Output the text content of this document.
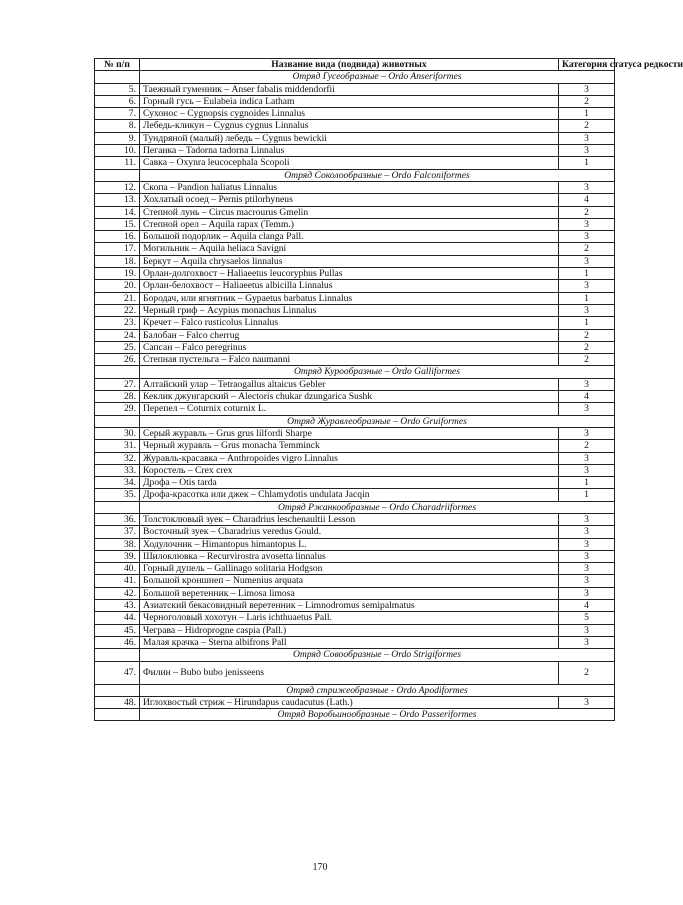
№ п/п	Название вида (подвида) животных	Категория статуса редкости
	Отряд Гусеобразные – Ordo Anseriformes	
5.	Таежный гуменник – Anser fabalis middendorfii	3
6.	Горный гусь – Eulabeia indica Latham	2
7.	Сухонос – Cygnopsis cygnoides Linnalus	1
8.	Лебедь-кликун – Cygnus cygnus Linnalus	2
9.	Тундряной (малый) лебедь – Cygnus bewickii	3
10.	Пеганка – Tadorna tadorna Linnalus	3
11.	Савка – Oxynra leucocephala Scopoli	1
	Отряд Соколообразные – Ordo Falconiformes	
12.	Скопа – Pandion haliatus Linnalus	3
13.	Хохлатый осоед – Pernis ptilorhyneus	4
14.	Степной лунь – Circus macrourus Gmelin	2
15.	Степной орел – Aquila rapax (Temm.)	3
16.	Большой подорлик – Aquila clanga Pall.	3
17.	Могильник – Aquila heliaca Savigni	2
18.	Беркут – Aquila chrysaelos linnalus	3
19.	Орлан-долгохвост – Haliaeetus leucoryphus Pullas	1
20.	Орлан-белохвост – Haliaeetus albicilla Linnalus	3
21.	Бородач, или ягнятник – Gypaetus barbatus Linnalus	1
22.	Черный гриф – Acypius monachus Linnalus	3
23.	Кречет – Falco rusticolus Linnalus	1
24.	Балобан – Falco cherrug	2
25.	Сапсан – Falco peregrinus	2
26.	Степная пустельга – Falco naumanni	2
	Отряд Курообразные – Ordo Galliformes	
27.	Алтайский улар – Tetraogallus altaicus Gebler	3
28.	Кеклик джунгарский – Alectoris chukar dzungarica Sushk	4
29.	Перепел – Coturnix coturnix L.	3
	Отряд Журавлеобразные – Ordo Gruiformes	
30.	Серый журавль – Grus grus lilfordi Sharpe	3
31.	Черный журавль – Grus monacha Temminck	2
32.	Журавль-красавка – Anthropoides vigro Linnalus	3
33.	Коростель – Crex crex	3
34.	Дрофа – Otis tarda	1
35.	Дрофа-красотка или джек – Chlamydotis undulata Jacqin	1
	Отряд Ржанкообразные – Ordo Charadriiformes	
36.	Толстоклювый зуек – Charadrius leschenaultii Lesson	3
37.	Восточный зуек – Charadrius veredus Gould.	3
38.	Ходулочник – Himantopus himantopus L.	3
39.	Шилоклювка – Recurvirostra avosetta linnalus	3
40.	Горный дупель – Gallinago solitaria Hodgson	3
41.	Большой кроншнеп – Numenius arquata	3
42.	Большой веретенник – Limosa limosa	3
43.	Азиатский бекасовидный веретенник – Limnodromus semipalmatus	4
44.	Черноголовый хохотун – Laris ichthuaetus Pall.	5
45.	Чеграва – Hidroprogne caspia (Pall.)	3
46.	Малая крачка – Sterna albifrons Pall	3
	Отряд Совообразные – Ordo Strigiformes	
47.	Филин – Bubo bubo jenisseens	2
	Отряд стрижеобразные - Ordo Apodiformes	
48.	Иглохвостый стриж – Hirundapus caudacutus (Lath.)	3
	Отряд Воробьинообразные – Ordo Passeriformes	
170
